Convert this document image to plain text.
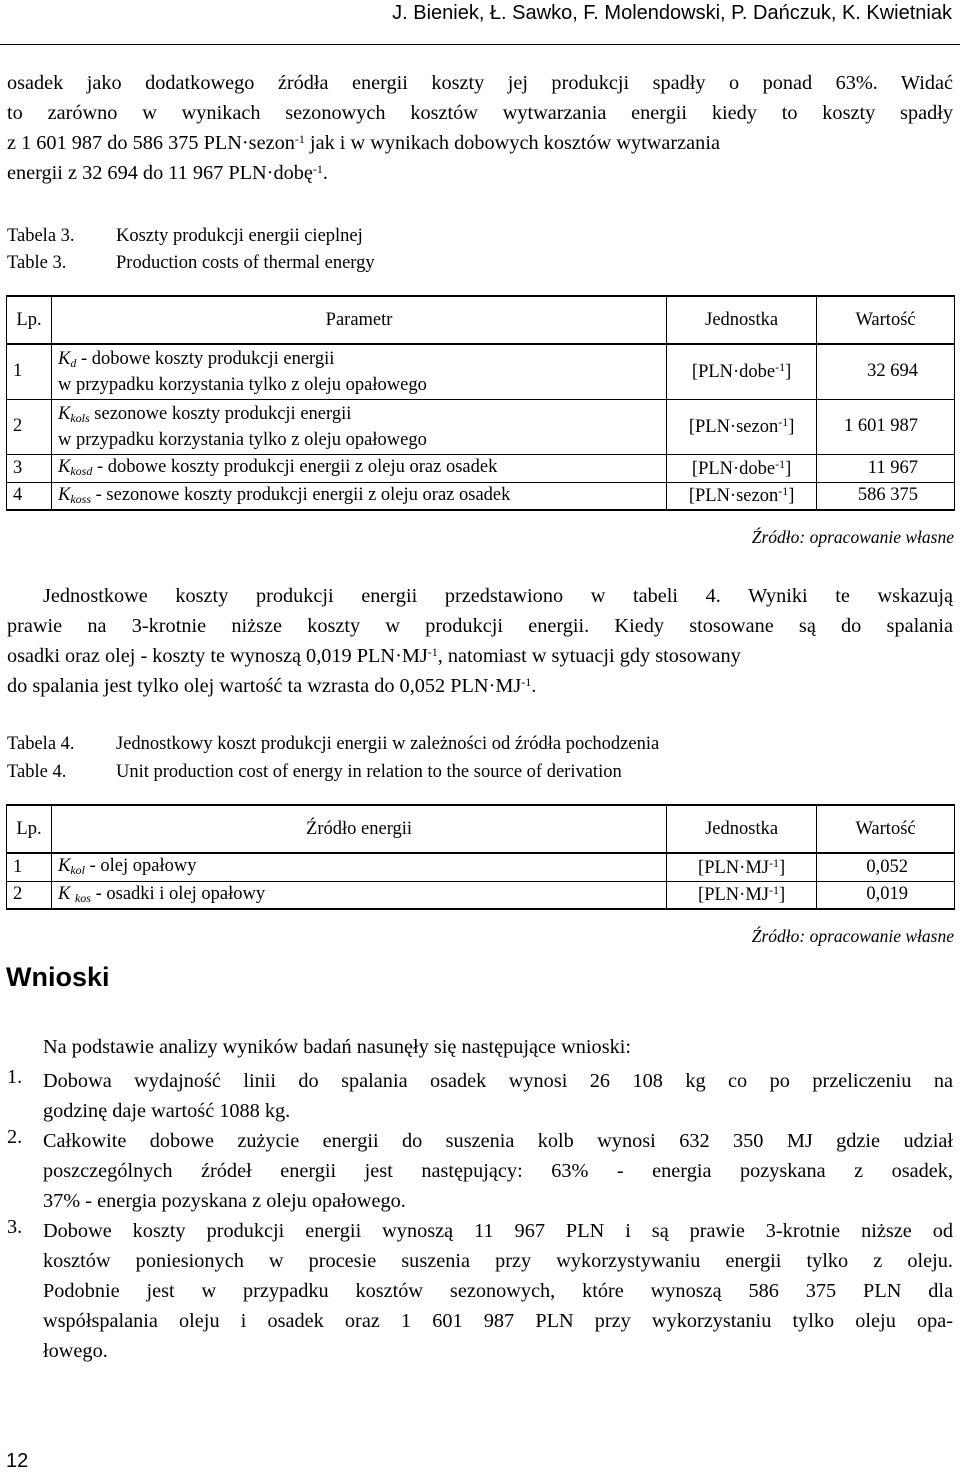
J. Bieniek, Ł. Sawko, F. Molendowski, P. Dańczuk, K. Kwietniak
osadek jako dodatkowego źródła energii koszty jej produkcji spadły o ponad 63%. Widać
to zarówno w wynikach sezonowych kosztów wytwarzania energii kiedy to koszty spadły
z 1 601 987 do 586 375 PLN·sezon$^{-1}$ jak i w wynikach dobowych kosztów wytwarzania
energii z 32 694 do 11 967 PLN·dobę$^{-1}$.
Tabela 3. Koszty produkcji energii cieplnej
Table 3.	Production costs of thermal energy
Lp.	Parametr	Jednostka	Wartość
1	$K_d$ - dobowe koszty produkcji energii
w przypadku korzystania tylko z oleju opałowego	[PLN·dobe$^{-1}$]	32 694
2	$K_{kols}$ sezonowe koszty produkcji energii
w przypadku korzystania tylko z oleju opałowego	[PLN·sezon$^{-1}$]	1 601 987
3	$K_{kosd}$ - dobowe koszty produkcji energii z oleju oraz osadek	[PLN·dobe$^{-1}$]	11 967
4	$K_{koss}$ - sezonowe koszty produkcji energii z oleju oraz osadek	[PLN·sezon$^{-1}$]	586 375
Źródło: opracowanie własne
Jednostkowe koszty produkcji energii przedstawiono w tabeli 4. Wyniki te wskazują
prawie na 3-krotnie niższe koszty w produkcji energii. Kiedy stosowane są do spalania
osadki oraz olej - koszty te wynoszą 0,019 $PLN\cdot MJ^{-1}$, natomiast w sytuacji gdy stosowany
do spalania jest tylko olej wartość ta wzrasta do 0,052 $PLN\cdot MJ^{-1}$.
Tabela 4. Jednostkowy koszt produkcji energii w zależności od źródła pochodzenia
Table 4.	Unit production cost of energy in relation to the source of derivation
Lp.	Źródło energii	Jednostka	Wartość
1	$K_{kol}$ - olej opałowy	$[PLN\cdot MJ^{-1}]$	0,052
2	K $_{kos}$ - osadki i olej opałowy	$[PLN\cdot MJ^{-1}]$	0,019
Źródło: opracowanie własne
Wnioski
Na podstawie analizy wyników badań nasunęły się następujące wnioski:
1. Dobowa wydajność linii do spalania osadek wynosi 26 108 kg co po przeliczeniu na
godzinę daje wartość 1088 kg.
2. Całkowite dobowe zużycie energii do suszenia kolb wynosi 632 350 MJ gdzie udział
poszczególnych źródeł energii jest następujący: 63% - energia pozyskana z osadek,
37% - energia pozyskana z oleju opałowego.
3. Dobowe koszty produkcji energii wynoszą 11 967 PLN i są prawie 3-krotnie niższe od
kosztów poniesionych w procesie suszenia przy wykorzystywaniu energii tylko z oleju.
Podobnie jest w przypadku kosztów sezonowych, które wynoszą 586 375 PLN dla
współspalania oleju i osadek oraz 1 601 987 PLN przy wykorzystaniu tylko oleju opa-
łowego.
12
